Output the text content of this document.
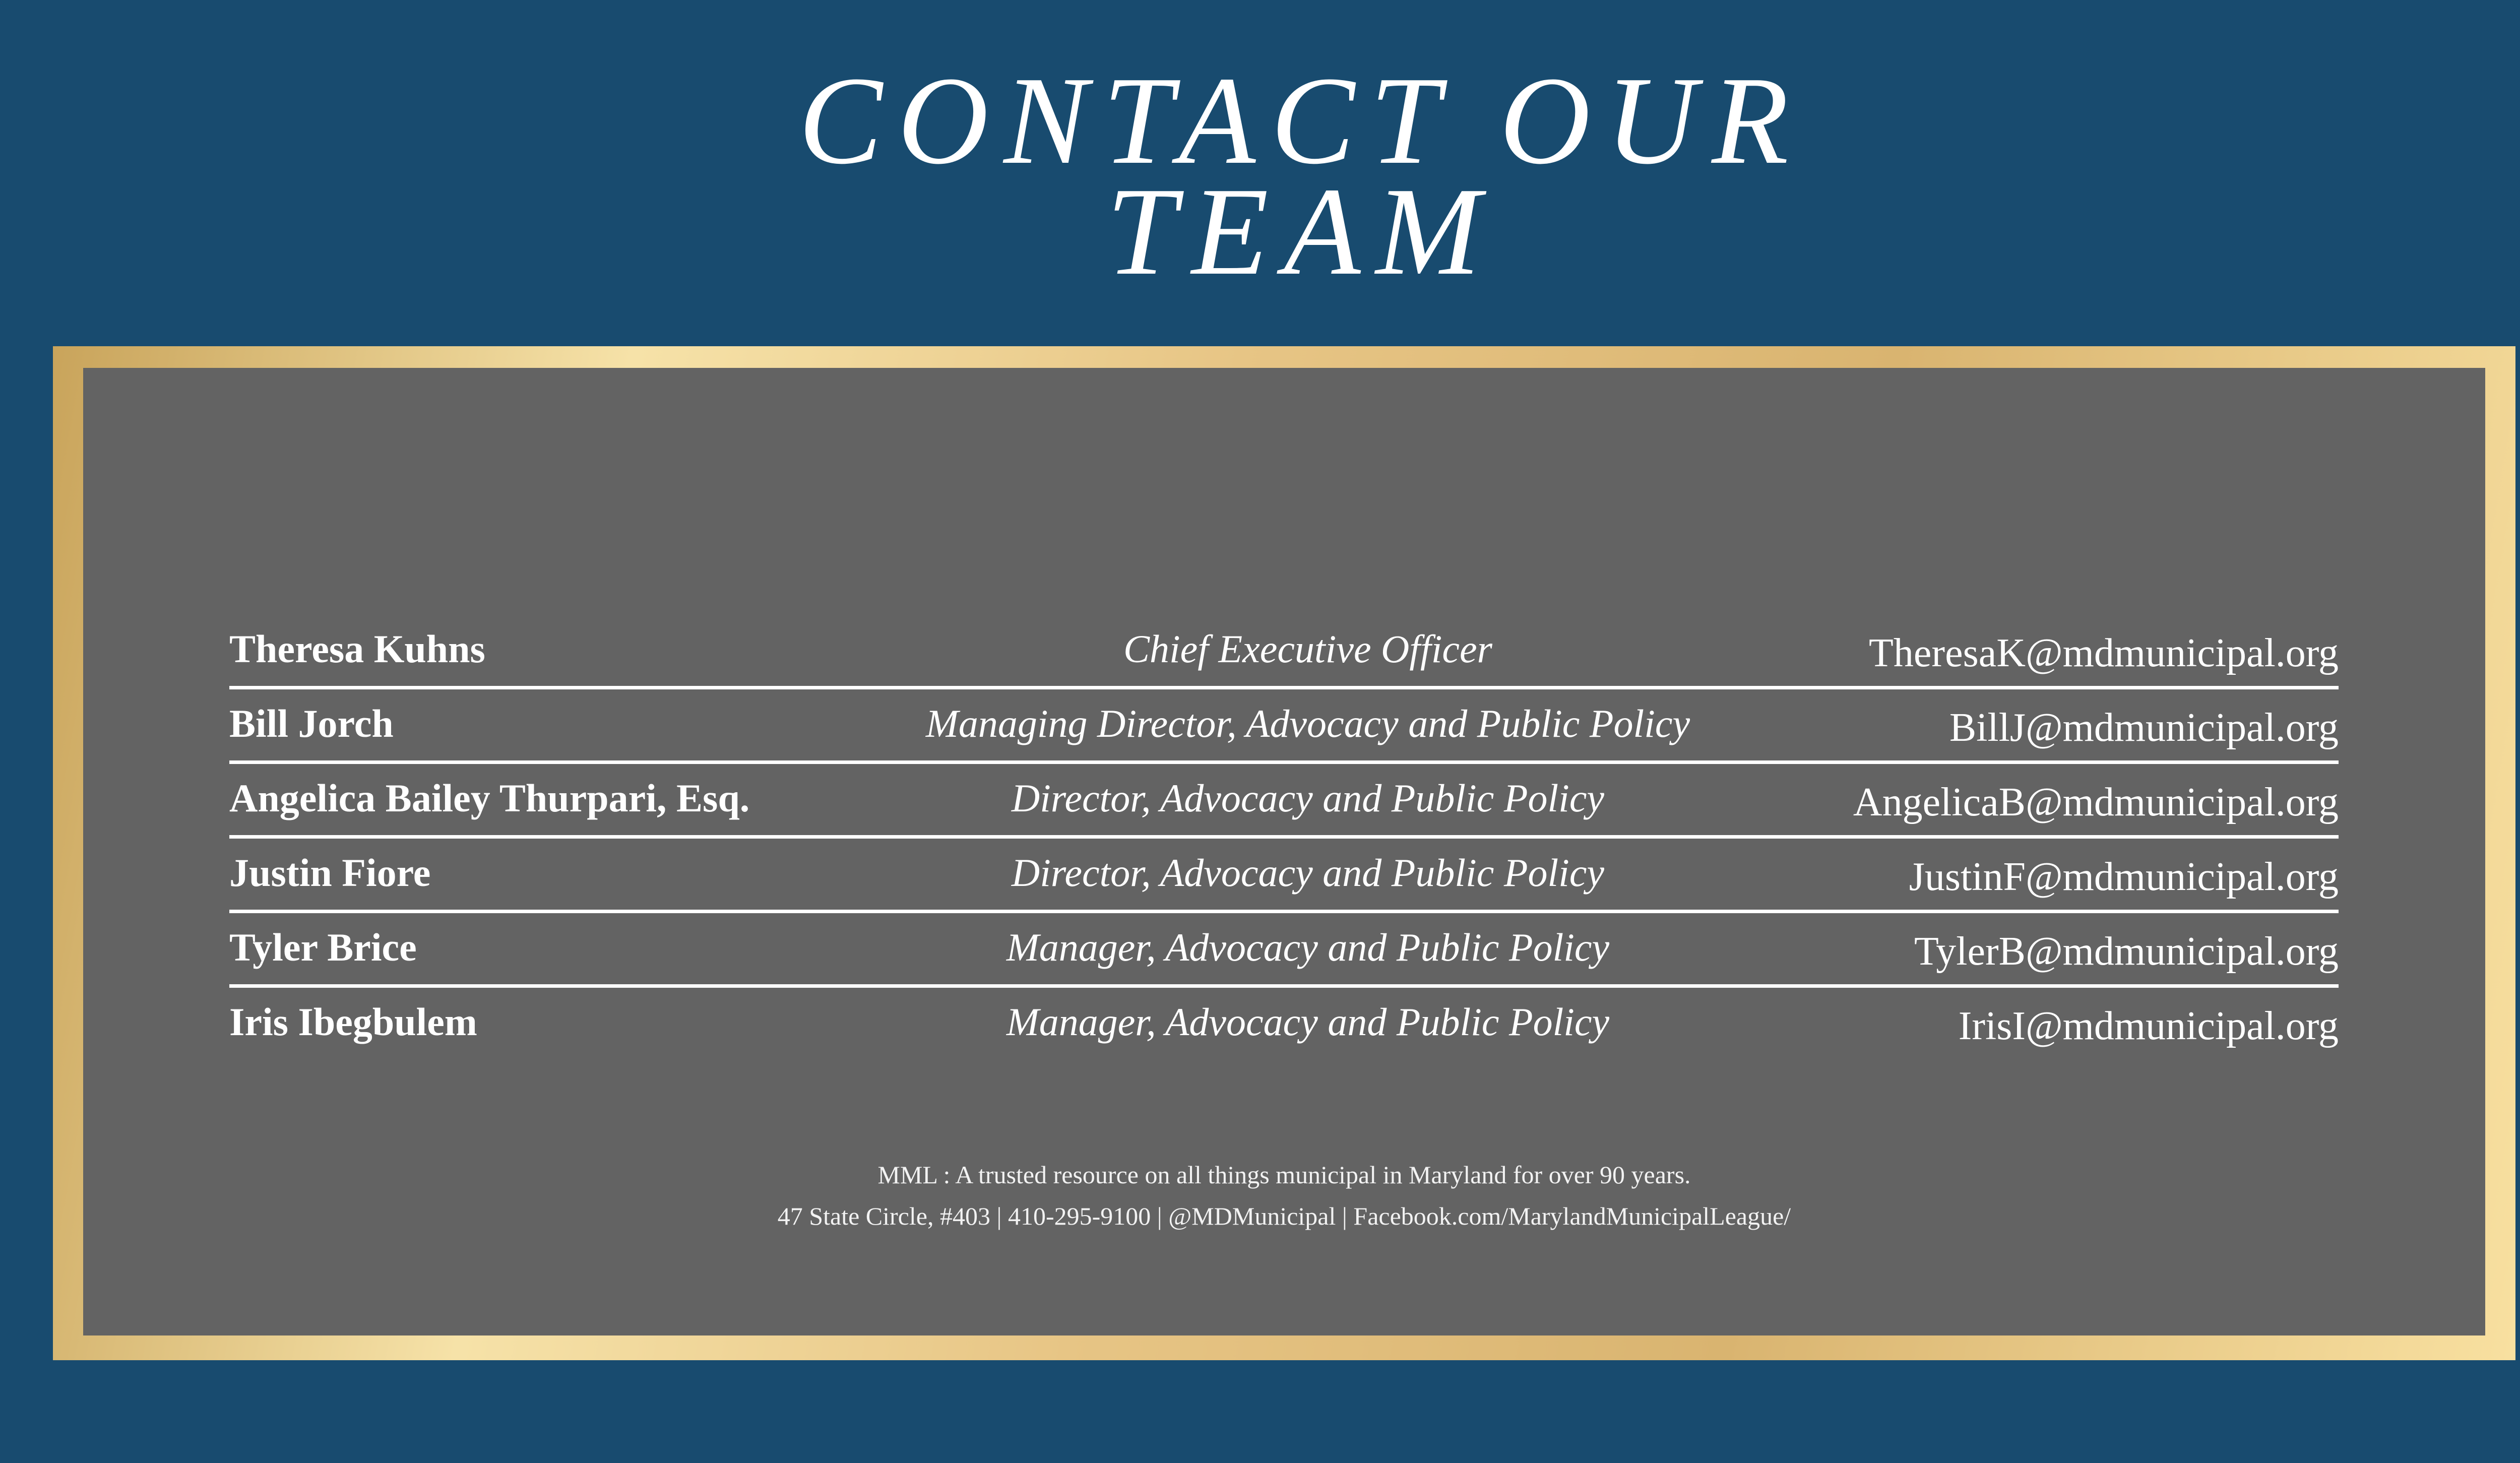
CONTACT OUR
TEAM
Theresa Kuhns	Chief Executive Officer	TheresaK@mdmunicipal.org
Bill Jorch	Managing Director, Advocacy and Public Policy	BillJ@mdmunicipal.org
Angelica Bailey Thurpari, Esq.	Director, Advocacy and Public Policy	AngelicaB@mdmunicipal.org
Justin Fiore	Director, Advocacy and Public Policy	JustinF@mdmunicipal.org
Tyler Brice	Manager, Advocacy and Public Policy	TylerB@mdmunicipal.org
Iris Ibegbulem	Manager, Advocacy and Public Policy	IrisI@mdmunicipal.org
MML : A trusted resource on all things municipal in Maryland for over 90 years.
47 State Circle, #403 | 410-295-9100 | @MDMunicipal | Facebook.com/MarylandMunicipalLeague/
